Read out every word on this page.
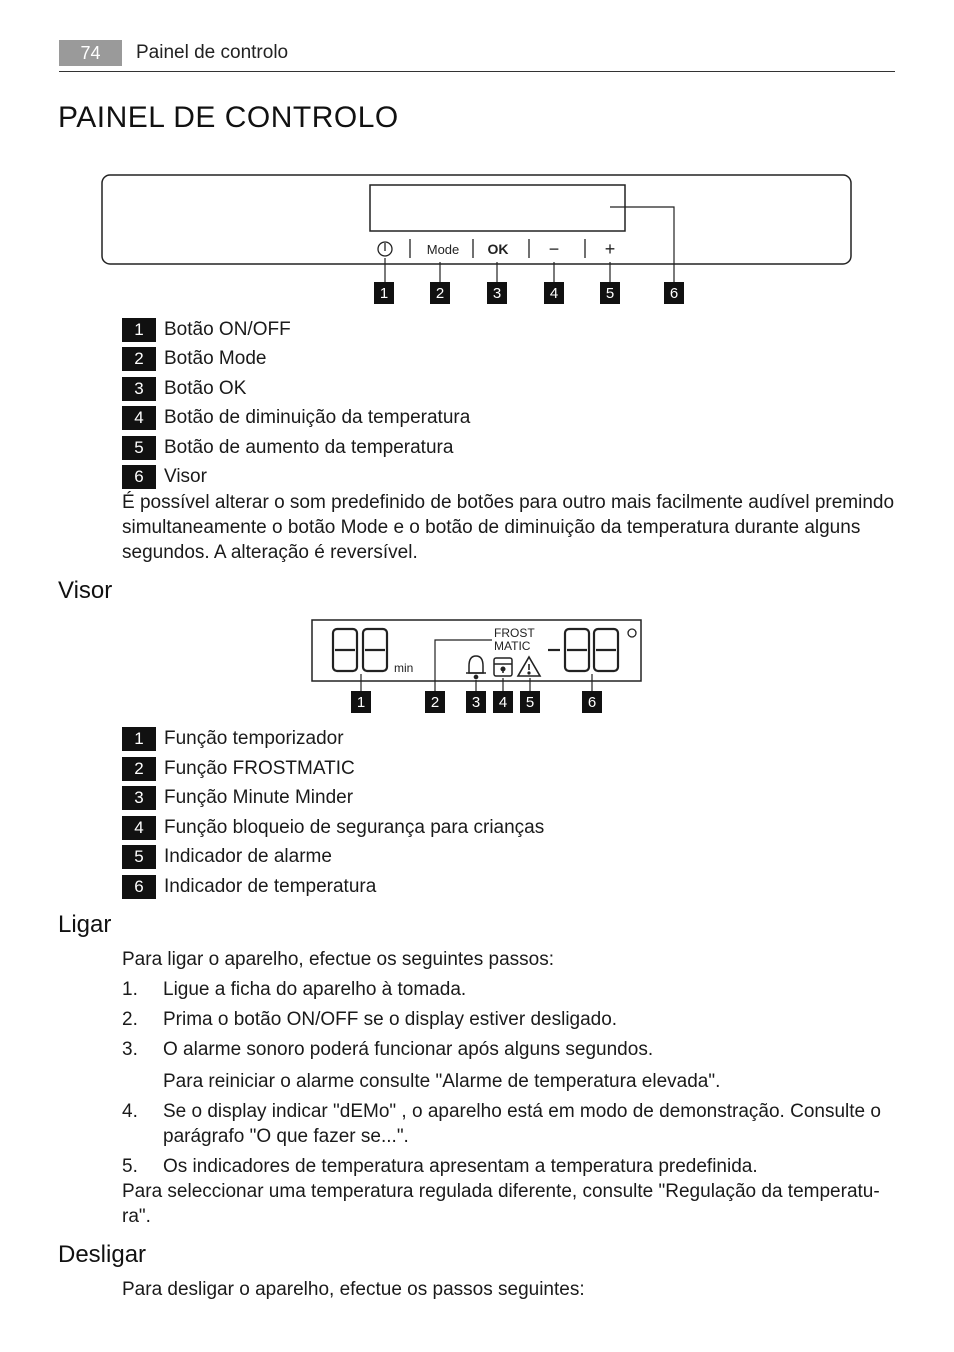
74	Painel de controlo
PAINEL DE CONTROLO
Mode OK −	+
1	2	3	4	5	6
1	Botão ON/OFF
2	Botão Mode
3	Botão OK
4	Botão de diminuição da temperatura
5	Botão de aumento da temperatura
6	Visor
É possível alterar o som predefinido de botões para outro mais facilmente audível premindo simultaneamente o botão Mode e o botão de diminuição da temperatura durante alguns segundos. A alteração é reversível.
Visor
min
FROST
MATIC
1	2	3	4	5	6
1	Função temporizador
2	Função FROSTMATIC
3	Função Minute Minder
4	Função bloqueio de segurança para crianças
5	Indicador de alarme
6	Indicador de temperatura
Ligar
Para ligar o aparelho, efectue os seguintes passos:
1. Ligue a ficha do aparelho à tomada.
2. Prima o botão ON/OFF se o display estiver desligado.
3. O alarme sonoro poderá funcionar após alguns segundos.
Para reiniciar o alarme consulte "Alarme de temperatura elevada".
4. Se o display indicar "dEMo" , o aparelho está em modo de demonstração. Consulte o parágrafo "O que fazer se...".
5. Os indicadores de temperatura apresentam a temperatura predefinida.
Para seleccionar uma temperatura regulada diferente, consulte "Regulação da temperatu-ra".
Desligar
Para desligar o aparelho, efectue os passos seguintes:
